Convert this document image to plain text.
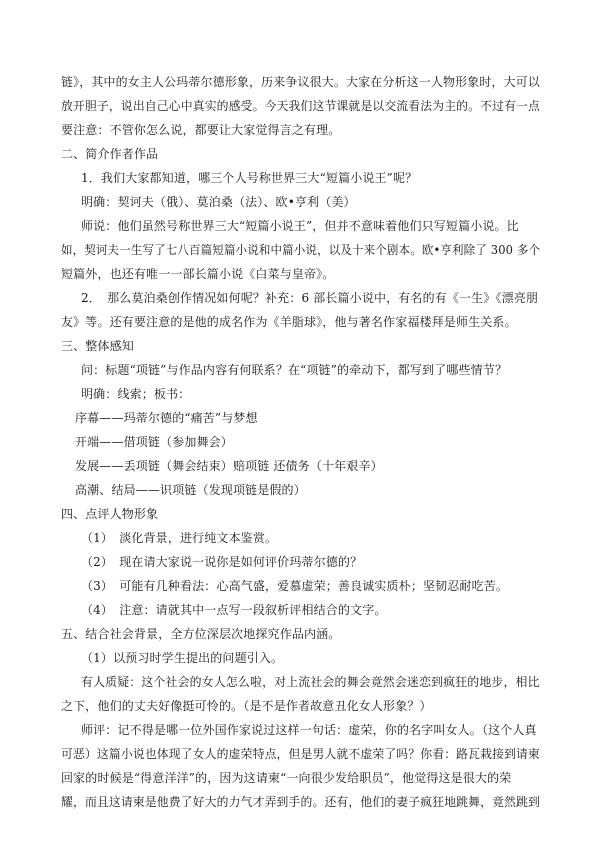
链》，其中的女主人公玛蒂尔德形象，历来争议很大。大家在分析这一人物形象时，大可以
放开胆子，说出自己心中真实的感受。今天我们这节课就是以交流看法为主的。不过有一点
要注意：不管你怎么说，都要让大家觉得言之有理。
二、简介作者作品
1．我们大家都知道，哪三个人号称世界三大“短篇小说王”呢？
明确：契诃夫（俄）、莫泊桑（法）、欧•亨利（美）
师说：他们虽然号称世界三大“短篇小说王”，但并不意味着他们只写短篇小说。比
如，契诃夫一生写了七八百篇短篇小说和中篇小说，以及十来个剧本。欧•亨利除了 300 多个
短篇外，也还有唯一一部长篇小说《白菜与皇帝》。
2．　那么莫泊桑创作情况如何呢？补充：6 部长篇小说中，有名的有《一生》《漂亮朋
友》等。还有要注意的是他的成名作为《羊脂球》，他与著名作家福楼拜是师生关系。
三、整体感知
问：标题“项链”与作品内容有何联系？在“项链”的牵动下，都写到了哪些情节？
明确：线索；板书：
序幕——玛蒂尔德的“痛苦”与梦想
开端——借项链（参加舞会）
发展——丢项链（舞会结束）赔项链 还债务（十年艰辛）
高潮、结局——识项链（发现项链是假的）
四、点评人物形象
（1）　淡化背景，进行纯文本鉴赏。
（2）　现在请大家说一说你是如何评价玛蒂尔德的？
（3）　可能有几种看法：心高气盛，爱慕虚荣；善良诚实质朴；坚韧忍耐吃苦。
（4）　注意：请就其中一点写一段叙析评相结合的文字。
五、结合社会背景，全方位深层次地探究作品内涵。
（1）以预习时学生提出的问题引入。
有人质疑：这个社会的女人怎么啦，对上流社会的舞会竟然会迷恋到疯狂的地步，相比
之下，他们的丈夫好像挺可怜的。（是不是作者故意丑化女人形象？）
师评：记不得是哪一位外国作家说过这样一句话：虚荣，你的名字叫女人。（这个人真
可恶）这篇小说也体现了女人的虚荣特点，但是男人就不虚荣了吗？你看：路瓦栽接到请柬
回家的时候是“得意洋洋”的，因为这请柬“一向很少发给职员”，他觉得这是很大的荣
耀，而且这请柬是他费了好大的力气才弄到手的。还有，他们的妻子疯狂地跳舞，竟然跳到
